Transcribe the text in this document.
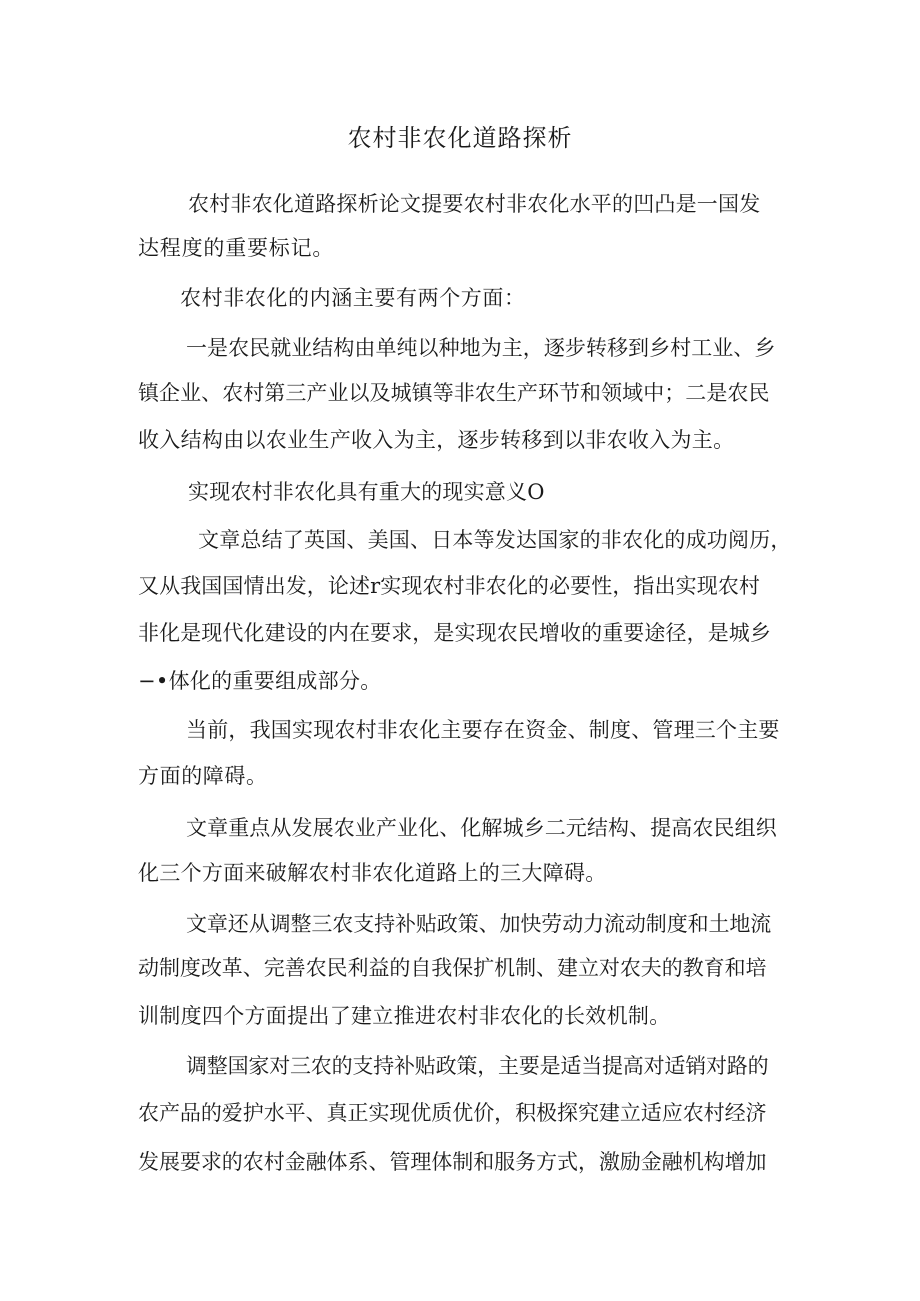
农村非农化道路探析
农村非农化道路探析论文提要农村非农化水平的凹凸是一国发
达程度的重要标记。
农村非农化的内涵主要有两个方面：
一是农民就业结构由单纯以种地为主，逐步转移到乡村工业、乡
镇企业、农村第三产业以及城镇等非农生产环节和领域中；二是农民
收入结构由以农业生产收入为主，逐步转移到以非农收入为主。
实现农村非农化具有重大的现实意义O
文章总结了英国、美国、日本等发达国家的非农化的成功阅历，
又从我国国情出发，论述r实现农村非农化的必要性，指出实现农村
非化是现代化建设的内在要求，是实现农民增收的重要途径，是城乡
−•体化的重要组成部分。
当前，我国实现农村非农化主要存在资金、制度、管理三个主要
方面的障碍。
文章重点从发展农业产业化、化解城乡二元结构、提高农民组织
化三个方面来破解农村非农化道路上的三大障碍。
文章还从调整三农支持补贴政策、加快劳动力流动制度和土地流
动制度改革、完善农民利益的自我保扩机制、建立对农夫的教育和培
训制度四个方面提出了建立推进农村非农化的长效机制。
调整国家对三农的支持补贴政策，主要是适当提高对适销对路的
农产品的爱护水平、真正实现优质优价，积极探究建立适应农村经济
发展要求的农村金融体系、管理体制和服务方式，激励金融机构增加
